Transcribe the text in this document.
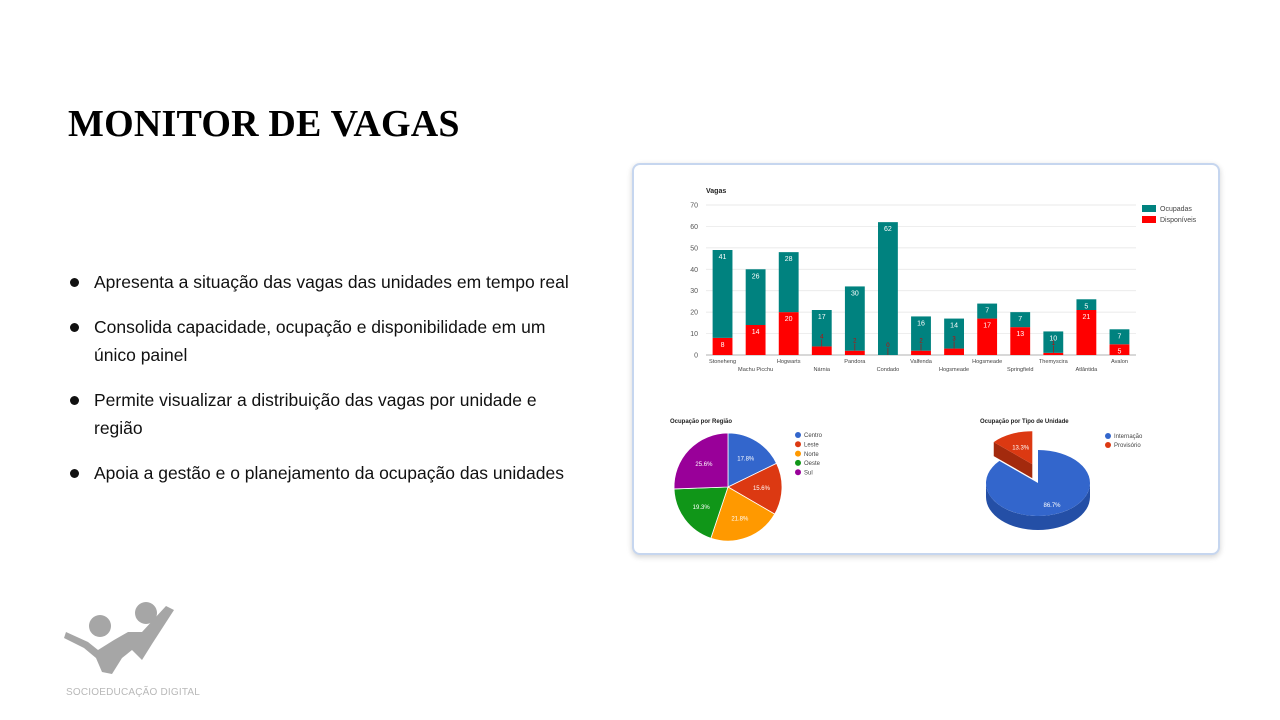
MONITOR DE VAGAS
Apresenta a situação das vagas das unidades em tempo real
Consolida capacidade, ocupação e disponibilidade em um único painel
Permite visualizar a distribuição das vagas por unidade e região
Apoia a gestão e o planejamento da ocupação das unidades
Vagas
0
10
20
30
40
50
60
70
41
8
Stoneheng
26
14
Machu Picchu
28
20
Hogwarts
17
4
Nárnia
30
2
Pandora
62
0
Condado
16
2
Valfenda
14
3
Hogsmeade
7
17
Hogsmeade
7
13
Springfield
10
1
Themyscira
5
21
Atlântida
7
5
Avalon
Ocupadas
Disponíveis
Ocupação por Região
17.8%
15.6%
21.8%
19.3%
25.6%
Centro
Leste
Norte
Oeste
Sul
Ocupação por Tipo de Unidade
13.3%
86.7%
Internação
Provisório
SOCIOEDUCAÇÃO DIGITAL
